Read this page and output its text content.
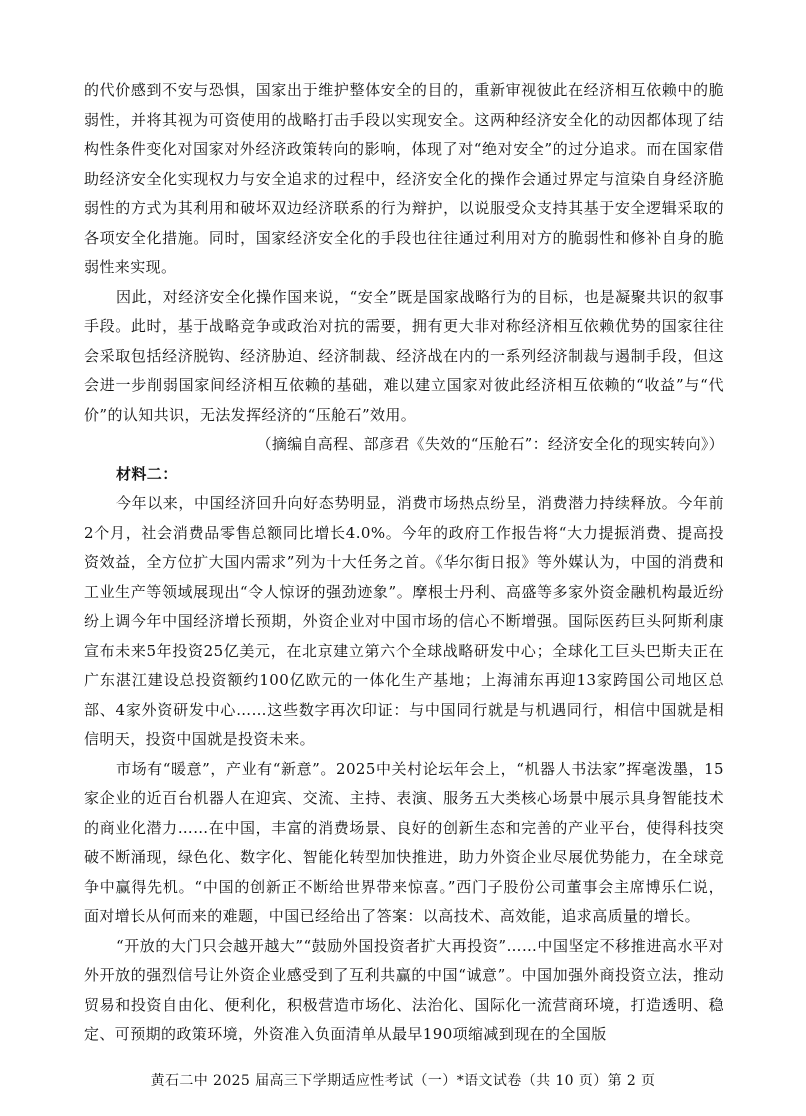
的代价感到不安与恐惧，国家出于维护整体安全的目的，重新审视彼此在经济相互依赖中的脆弱性，并将其视为可资使用的战略打击手段以实现安全。这两种经济安全化的动因都体现了结构性条件变化对国家对外经济政策转向的影响，体现了对“绝对安全”的过分追求。而在国家借助经济安全化实现权力与安全追求的过程中，经济安全化的操作会通过界定与渲染自身经济脆弱性的方式为其利用和破坏双边经济联系的行为辩护，以说服受众支持其基于安全逻辑采取的各项安全化措施。同时，国家经济安全化的手段也往往通过利用对方的脆弱性和修补自身的脆弱性来实现。

因此，对经济安全化操作国来说，“安全”既是国家战略行为的目标，也是凝聚共识的叙事手段。此时，基于战略竞争或政治对抗的需要，拥有更大非对称经济相互依赖优势的国家往往会采取包括经济脱钩、经济胁迫、经济制裁、经济战在内的一系列经济制裁与遏制手段，但这会进一步削弱国家间经济相互依赖的基础，难以建立国家对彼此经济相互依赖的“收益”与“代价”的认知共识，无法发挥经济的“压舱石”效用。

（摘编自高程、部彦君《失效的“压舱石”：经济安全化的现实转向》）

材料二：

今年以来，中国经济回升向好态势明显，消费市场热点纷呈，消费潜力持续释放。今年前2个月，社会消费品零售总额同比增长4.0%。今年的政府工作报告将“大力提振消费、提高投资效益，全方位扩大国内需求”列为十大任务之首。《华尔街日报》等外媒认为，中国的消费和工业生产等领域展现出“令人惊讶的强劲迹象”。摩根士丹利、高盛等多家外资金融机构最近纷纷上调今年中国经济增长预期，外资企业对中国市场的信心不断增强。国际医药巨头阿斯利康宣布未来5年投资25亿美元，在北京建立第六个全球战略研发中心；全球化工巨头巴斯夫正在广东湛江建设总投资额约100亿欧元的一体化生产基地；上海浦东再迎13家跨国公司地区总部、4家外资研发中心……这些数字再次印证：与中国同行就是与机遇同行，相信中国就是相信明天，投资中国就是投资未来。

市场有“暖意”，产业有“新意”。2025中关村论坛年会上，“机器人书法家”挥毫泼墨，15家企业的近百台机器人在迎宾、交流、主持、表演、服务五大类核心场景中展示具身智能技术的商业化潜力……在中国，丰富的消费场景、良好的创新生态和完善的产业平台，使得科技突破不断涌现，绿色化、数字化、智能化转型加快推进，助力外资企业尽展优势能力，在全球竞争中赢得先机。“中国的创新正不断给世界带来惊喜。”西门子股份公司董事会主席博乐仁说，面对增长从何而来的难题，中国已经给出了答案：以高技术、高效能，追求高质量的增长。

“开放的大门只会越开越大”“鼓励外国投资者扩大再投资”……中国坚定不移推进高水平对外开放的强烈信号让外资企业感受到了互利共赢的中国“诚意”。中国加强外商投资立法，推动贸易和投资自由化、便利化，积极营造市场化、法治化、国际化一流营商环境，打造透明、稳定、可预期的政策环境，外资准入负面清单从最早190项缩减到现在的全国版

黄石二中 2025 届高三下学期适应性考试（一）*语文试卷（共 10 页）第 2 页
